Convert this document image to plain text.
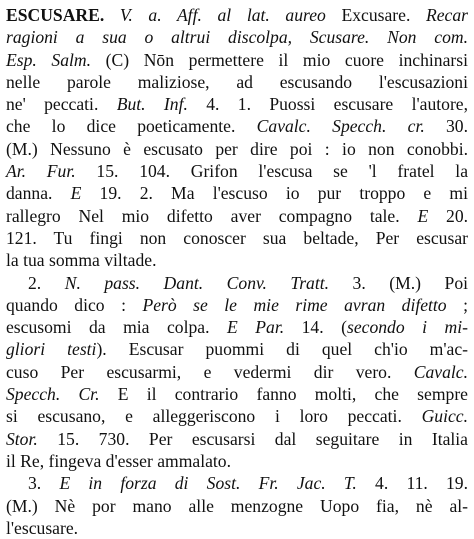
ESCUSARE. V. a. Aff. al lat. aureo Excusare. Recar
ragioni a sua o altrui discolpa, Scusare. Non com.
Esp. Salm. (C) Nōn permettere il mio cuore inchinarsi
nelle parole maliziose, ad escusando l'escusazioni
ne' peccati. But. Inf. 4. 1. Puossi escusare l'autore,
che lo dice poeticamente. Cavalc. Specch. cr. 30.
(M.) Nessuno è escusato per dire poi : io non conobbi.
Ar. Fur. 15. 104. Grifon l'escusa se 'l fratel la
danna. E 19. 2. Ma l'escuso io pur troppo e mi
rallegro Nel mio difetto aver compagno tale. E 20.
121. Tu fingi non conoscer sua beltade, Per escusar
la tua somma viltade.
2. N. pass. Dant. Conv. Tratt. 3. (M.) Poi
quando dico : Però se le mie rime avran difetto ;
escusomi da mia colpa. E Par. 14. (secondo i mi-
gliori testi). Escusar puommi di quel ch'io m'ac-
cuso Per escusarmi, e vedermi dir vero. Cavalc.
Specch. Cr. E il contrario fanno molti, che sempre
si escusano, e alleggeriscono i loro peccati. Guicc.
Stor. 15. 730. Per escusarsi dal seguitare in Italia
il Re, fingeva d'esser ammalato.
3. E in forza di Sost. Fr. Jac. T. 4. 11. 19.
(M.) Nè por mano alle menzogne Uopo fia, nè al-
l'escusare.
